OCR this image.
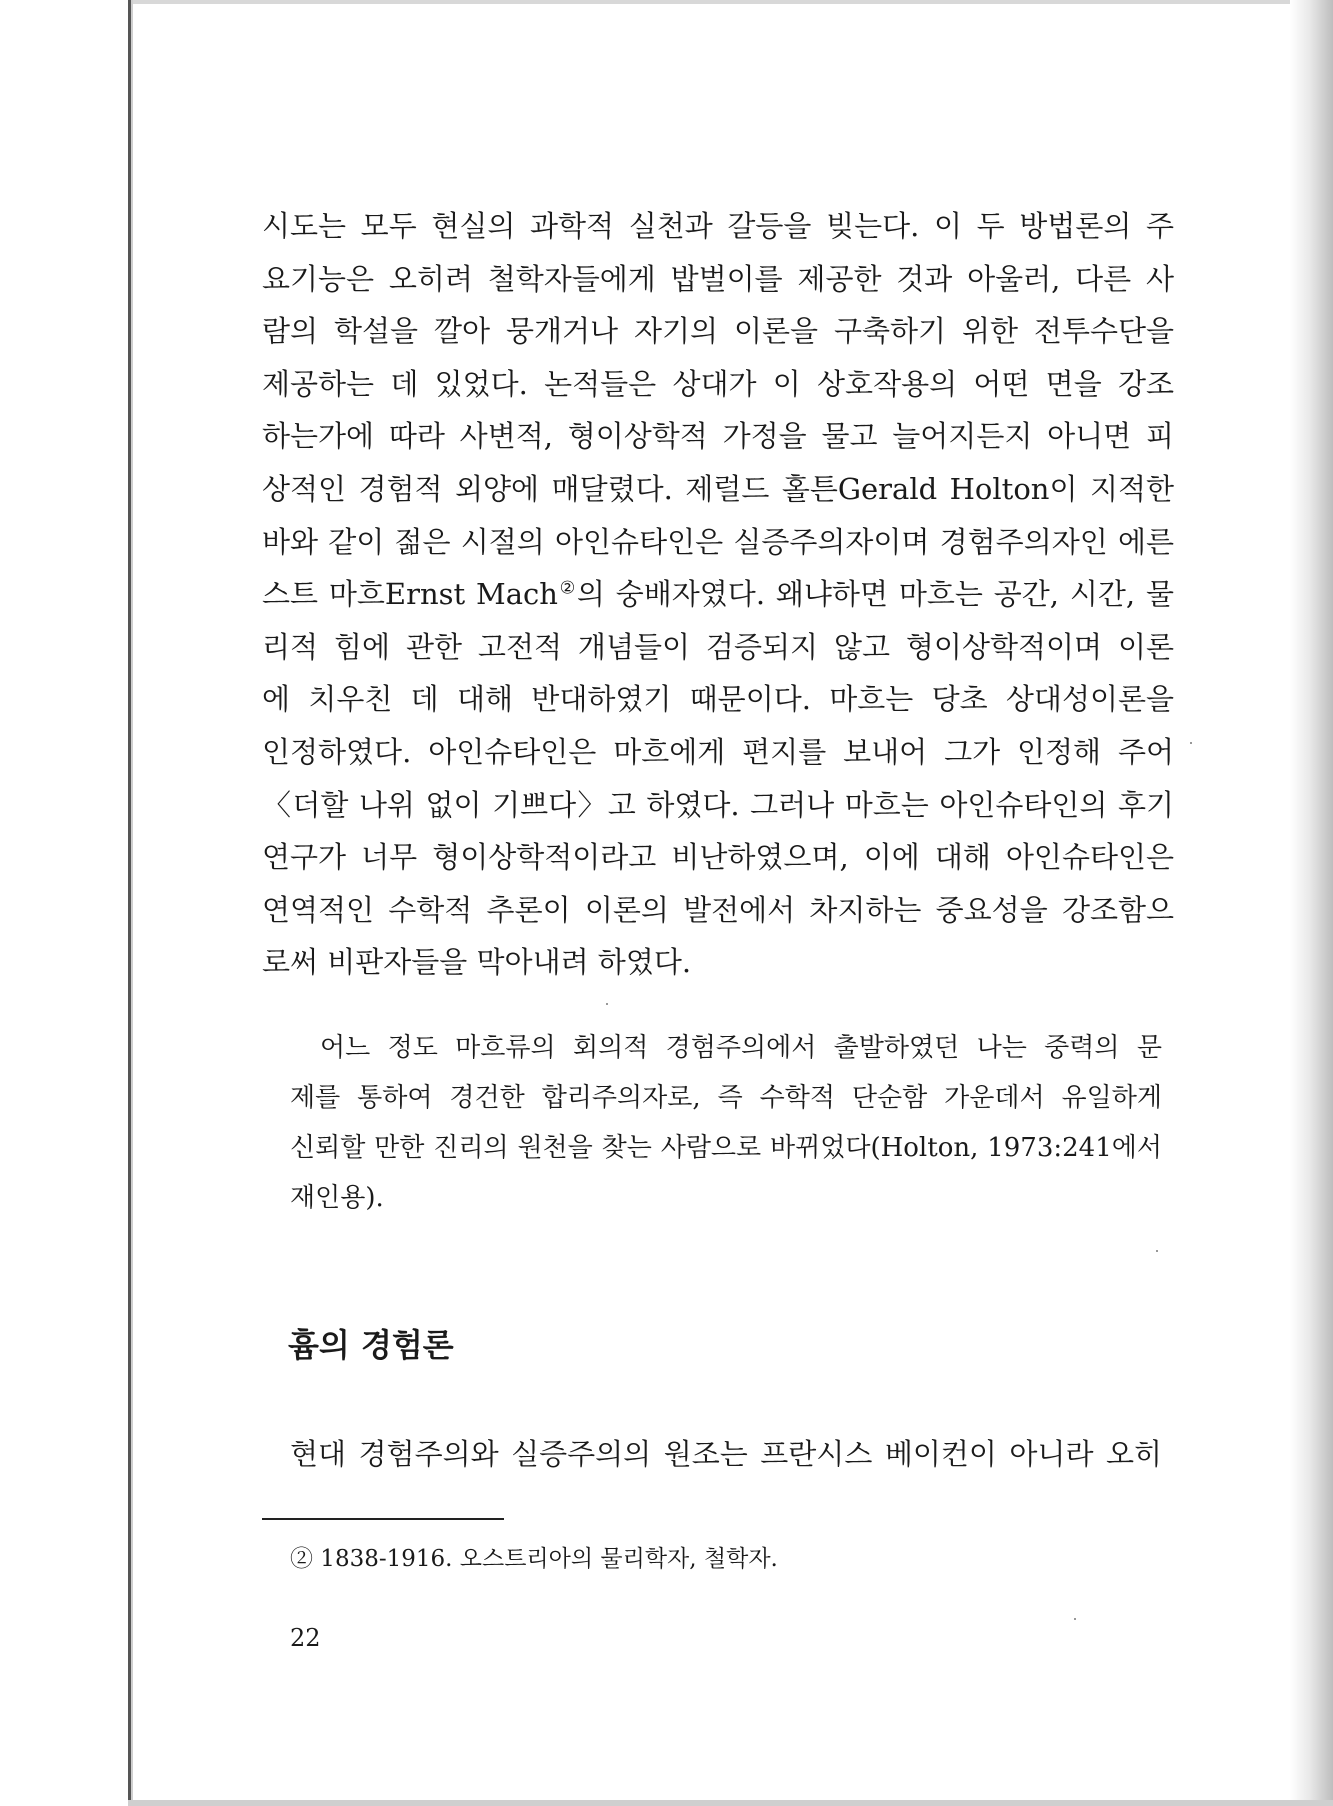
시도는 모두 현실의 과학적 실천과 갈등을 빚는다. 이 두 방법론의 주
요기능은 오히려 철학자들에게 밥벌이를 제공한 것과 아울러, 다른 사
람의 학설을 깔아 뭉개거나 자기의 이론을 구축하기 위한 전투수단을
제공하는 데 있었다. 논적들은 상대가 이 상호작용의 어떤 면을 강조
하는가에 따라 사변적, 형이상학적 가정을 물고 늘어지든지 아니면 피
상적인 경험적 외양에 매달렸다. 제럴드 홀튼Gerald Holton이 지적한
바와 같이 젊은 시절의 아인슈타인은 실증주의자이며 경험주의자인 에른
스트 마흐Ernst Mach②의 숭배자였다. 왜냐하면 마흐는 공간, 시간, 물
리적 힘에 관한 고전적 개념들이 검증되지 않고 형이상학적이며 이론
에 치우친 데 대해 반대하였기 때문이다. 마흐는 당초 상대성이론을
인정하였다. 아인슈타인은 마흐에게 편지를 보내어 그가 인정해 주어
〈더할 나위 없이 기쁘다〉고 하였다. 그러나 마흐는 아인슈타인의 후기
연구가 너무 형이상학적이라고 비난하였으며, 이에 대해 아인슈타인은
연역적인 수학적 추론이 이론의 발전에서 차지하는 중요성을 강조함으
로써 비판자들을 막아내려 하였다.

어느 정도 마흐류의 회의적 경험주의에서 출발하였던 나는 중력의 문
제를 통하여 경건한 합리주의자로, 즉 수학적 단순함 가운데서 유일하게
신뢰할 만한 진리의 원천을 찾는 사람으로 바뀌었다(Holton, 1973:241에서
재인용).
흄의 경험론
현대 경험주의와 실증주의의 원조는 프란시스 베이컨이 아니라 오히
② 1838-1916. 오스트리아의 물리학자, 철학자.
22
